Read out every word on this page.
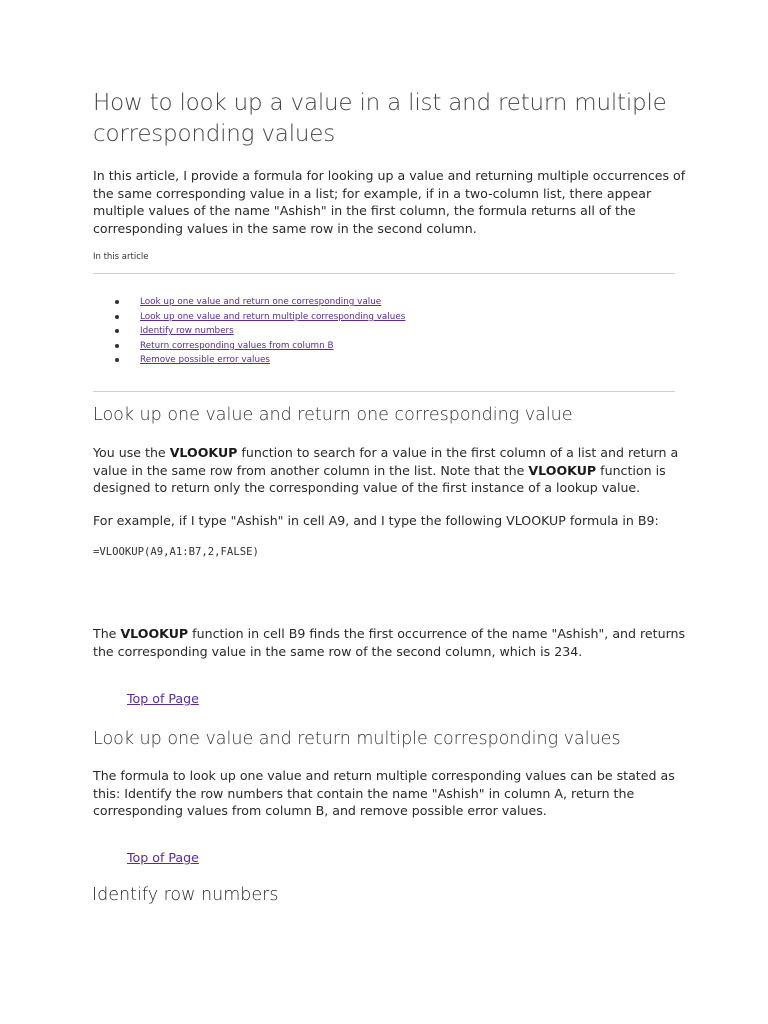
How to look up a value in a list and return multiple corresponding values
In this article, I provide a formula for looking up a value and returning multiple occurrences of the same corresponding value in a list; for example, if in a two-column list, there appear multiple values of the name "Ashish" in the first column, the formula returns all of the corresponding values in the same row in the second column.
In this article
Look up one value and return one corresponding value
Look up one value and return multiple corresponding values
Identify row numbers
Return corresponding values from column B
Remove possible error values
Look up one value and return one corresponding value
You use the VLOOKUP function to search for a value in the first column of a list and return a value in the same row from another column in the list. Note that the VLOOKUP function is designed to return only the corresponding value of the first instance of a lookup value.
For example, if I type "Ashish" in cell A9, and I type the following VLOOKUP formula in B9:
=VLOOKUP(A9,A1:B7,2,FALSE)
The VLOOKUP function in cell B9 finds the first occurrence of the name "Ashish", and returns the corresponding value in the same row of the second column, which is 234.
Top of Page
Look up one value and return multiple corresponding values
The formula to look up one value and return multiple corresponding values can be stated as this: Identify the row numbers that contain the name "Ashish" in column A, return the corresponding values from column B, and remove possible error values.
Top of Page
Identify row numbers
